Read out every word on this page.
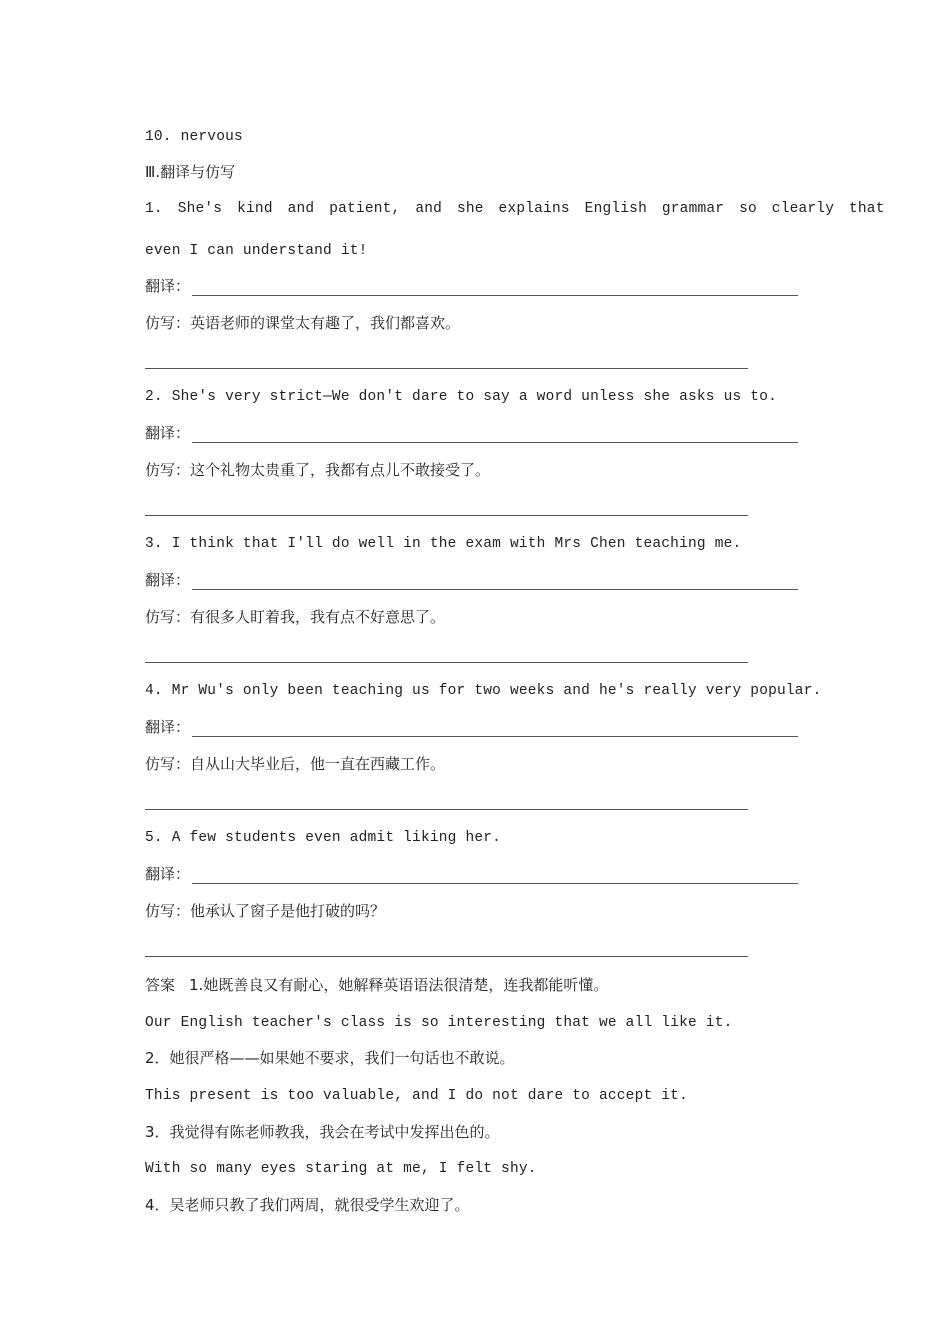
10. nervous
Ⅲ.翻译与仿写
1. She's kind and patient, and she explains English grammar so clearly that
even I can understand it!
翻译：
仿写：英语老师的课堂太有趣了，我们都喜欢。
2. She's very strict—We don't dare to say a word unless she asks us to.
翻译：
仿写：这个礼物太贵重了，我都有点儿不敢接受了。
3. I think that I'll do well in the exam with Mrs Chen teaching me.
翻译：
仿写：有很多人盯着我，我有点不好意思了。
4. Mr Wu's only been teaching us for two weeks and he's really very popular.
翻译：
仿写：自从山大毕业后，他一直在西藏工作。
5. A few students even admit liking her.
翻译：
仿写：他承认了窗子是他打破的吗？
答案 1.她既善良又有耐心，她解释英语语法很清楚，连我都能听懂。
Our English teacher's class is so interesting that we all like it.
2．她很严格——如果她不要求，我们一句话也不敢说。
This present is too valuable, and I do not dare to accept it.
3．我觉得有陈老师教我，我会在考试中发挥出色的。
With so many eyes staring at me, I felt shy.
4．吴老师只教了我们两周，就很受学生欢迎了。
